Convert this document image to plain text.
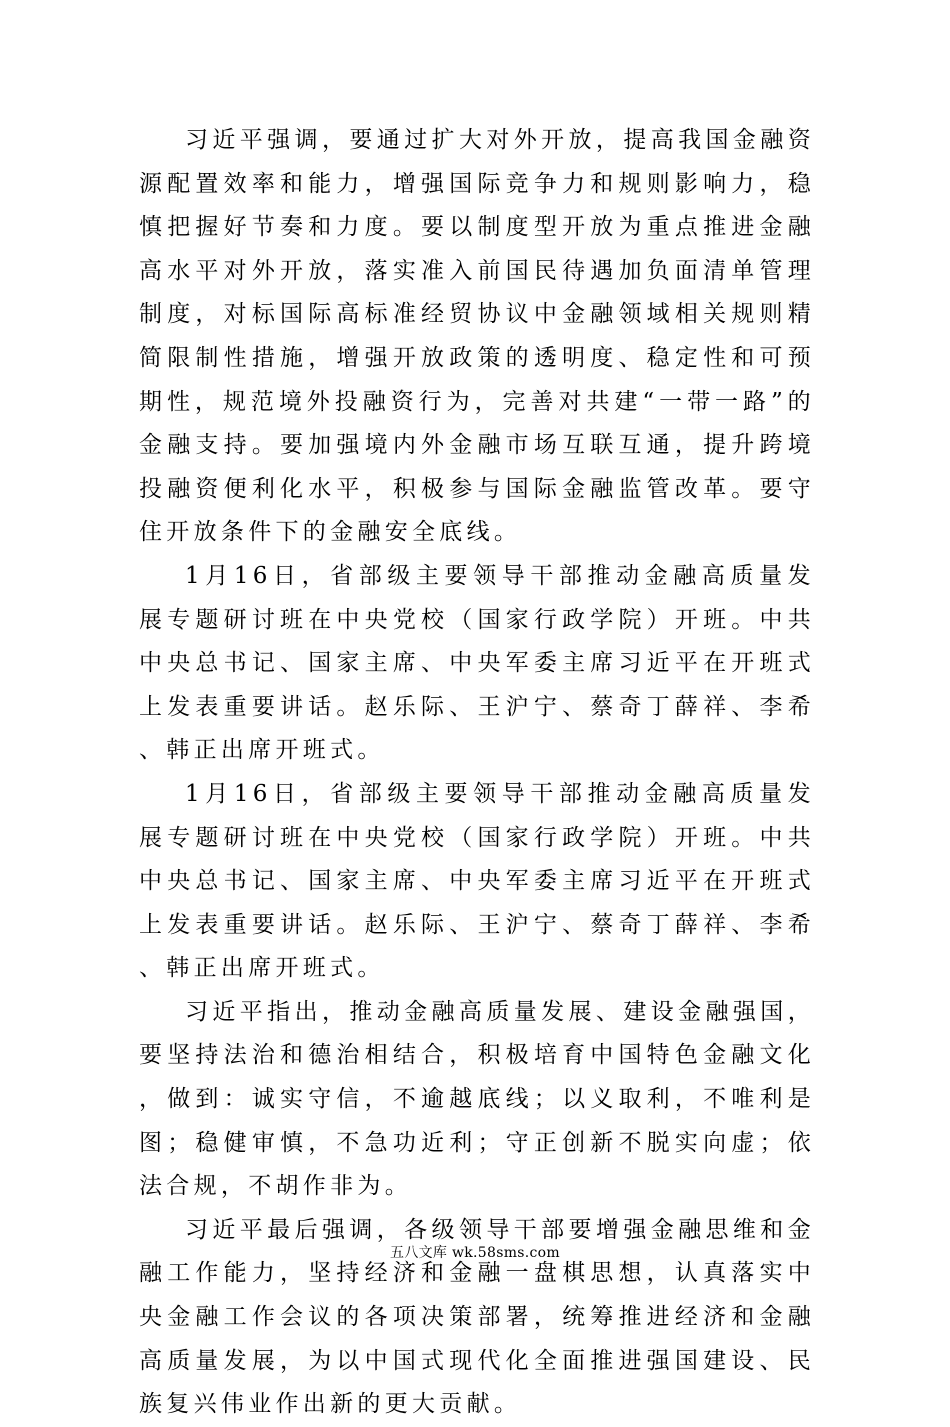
习近平强调，要通过扩大对外开放，提高我国金融资源配置效率和能力，增强国际竞争力和规则影响力，稳慎把握好节奏和力度。要以制度型开放为重点推进金融高水平对外开放，落实准入前国民待遇加负面清单管理制度，对标国际高标准经贸协议中金融领域相关规则精简限制性措施，增强开放政策的透明度、稳定性和可预期性，规范境外投融资行为，完善对共建“一带一路”的金融支持。要加强境内外金融市场互联互通，提升跨境投融资便利化水平，积极参与国际金融监管改革。要守住开放条件下的金融安全底线。

1月16日，省部级主要领导干部推动金融高质量发展专题研讨班在中央党校（国家行政学院）开班。中共中央总书记、国家主席、中央军委主席习近平在开班式上发表重要讲话。赵乐际、王沪宁、蔡奇丁薛祥、李希、韩正出席开班式。

1月16日，省部级主要领导干部推动金融高质量发展专题研讨班在中央党校（国家行政学院）开班。中共中央总书记、国家主席、中央军委主席习近平在开班式上发表重要讲话。赵乐际、王沪宁、蔡奇丁薛祥、李希、韩正出席开班式。

习近平指出，推动金融高质量发展、建设金融强国，要坚持法治和德治相结合，积极培育中国特色金融文化，做到：诚实守信，不逾越底线；以义取利，不唯利是图；稳健审慎，不急功近利；守正创新不脱实向虚；依法合规，不胡作非为。

习近平最后强调，各级领导干部要增强金融思维和金融工作能力，坚持经济和金融一盘棋思想，认真落实中央金融工作会议的各项决策部署，统筹推进经济和金融高质量发展，为以中国式现代化全面推进强国建设、民族复兴伟业作出新的更大贡献。

五八文库 wk.58sms.com
